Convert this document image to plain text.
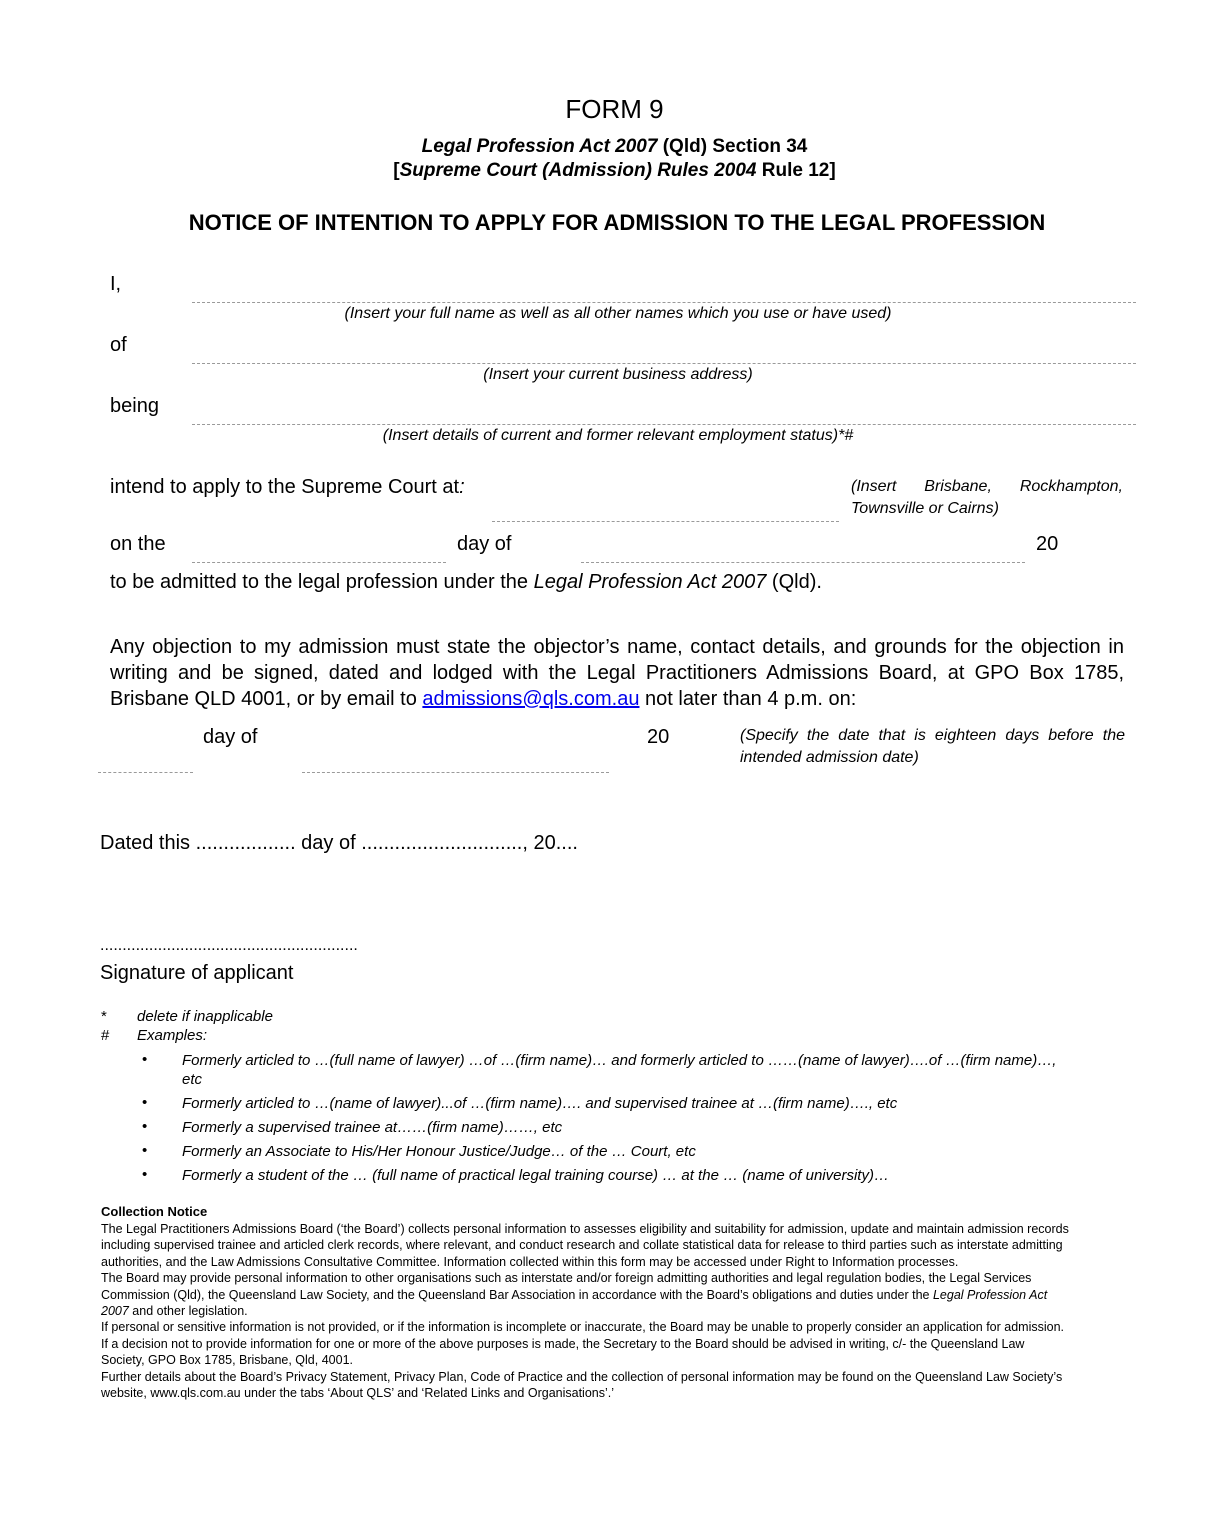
FORM 9
Legal Profession Act 2007 (Qld) Section 34
[Supreme Court (Admission) Rules 2004 Rule 12]
NOTICE OF INTENTION TO APPLY FOR ADMISSION TO THE LEGAL PROFESSION
I,
(Insert your full name as well as all other names which you use or have used)
of
(Insert your current business address)
being
(Insert details of current and former relevant employment status)*#
intend to apply to the Supreme Court at:	(Insert Brisbane, Rockhampton, Townsville or Cairns)
on the	day of	20
to be admitted to the legal profession under the Legal Profession Act 2007 (Qld).
Any objection to my admission must state the objector’s name, contact details, and grounds for the objection in writing and be signed, dated and lodged with the Legal Practitioners Admissions Board, at GPO Box 1785, Brisbane QLD 4001, or by email to admissions@qls.com.au not later than 4 p.m. on:
day of	20	(Specify the date that is eighteen days before the intended admission date)
Dated this .................. day of ............................., 20....
..........................................................
Signature of applicant
* delete if inapplicable
# Examples:
• Formerly articled to …(full name of lawyer) …of …(firm name)… and formerly articled to ……(name of lawyer)….of …(firm name)…, etc
• Formerly articled to …(name of lawyer)...of …(firm name)…. and supervised trainee at …(firm name)…., etc
• Formerly a supervised trainee at……(firm name)……, etc
• Formerly an Associate to His/Her Honour Justice/Judge… of the … Court, etc
• Formerly a student of the … (full name of practical legal training course) … at the … (name of university)…
Collection Notice
The Legal Practitioners Admissions Board (‘the Board’) collects personal information to assesses eligibility and suitability for admission, update and maintain admission records including supervised trainee and articled clerk records, where relevant, and conduct research and collate statistical data for release to third parties such as interstate admitting authorities, and the Law Admissions Consultative Committee. Information collected within this form may be accessed under Right to Information processes.
The Board may provide personal information to other organisations such as interstate and/or foreign admitting authorities and legal regulation bodies, the Legal Services Commission (Qld), the Queensland Law Society, and the Queensland Bar Association in accordance with the Board’s obligations and duties under the Legal Profession Act 2007 and other legislation.
If personal or sensitive information is not provided, or if the information is incomplete or inaccurate, the Board may be unable to properly consider an application for admission. If a decision not to provide information for one or more of the above purposes is made, the Secretary to the Board should be advised in writing, c/- the Queensland Law Society, GPO Box 1785, Brisbane, Qld, 4001.
Further details about the Board’s Privacy Statement, Privacy Plan, Code of Practice and the collection of personal information may be found on the Queensland Law Society’s website, www.qls.com.au under the tabs ‘About QLS’ and ‘Related Links and Organisations’.’
